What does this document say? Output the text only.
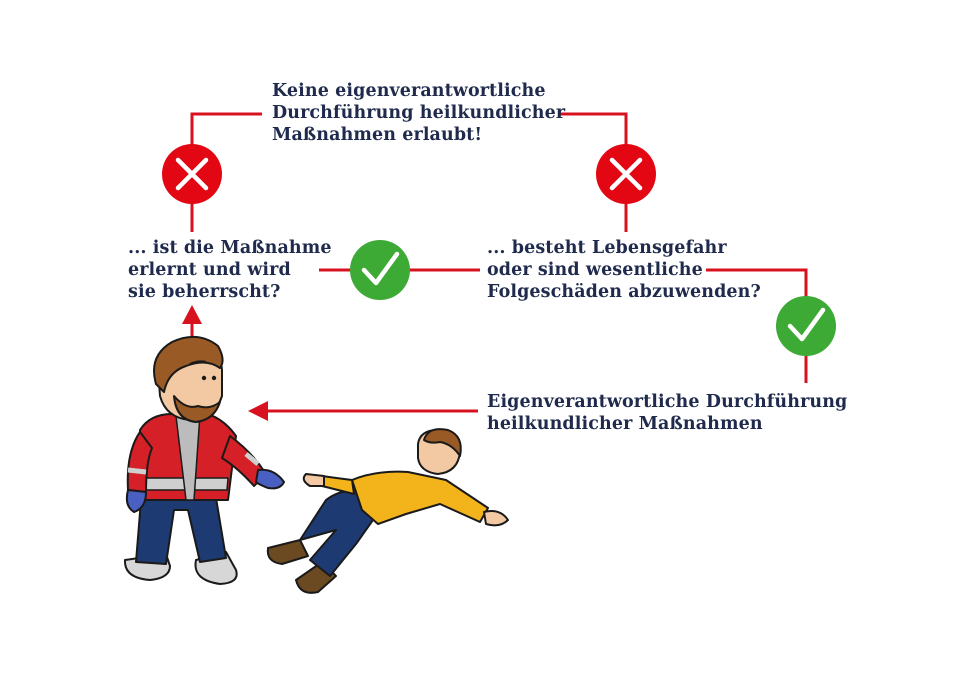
Keine eigenverantwortliche
Durchführung heilkundlicher
Maßnahmen erlaubt!
... ist die Maßnahme
erlernt und wird
sie beherrscht?
... besteht Lebensgefahr
oder sind wesentliche
Folgeschäden abzuwenden?
Eigenverantwortliche Durchführung
heilkundlicher Maßnahmen
